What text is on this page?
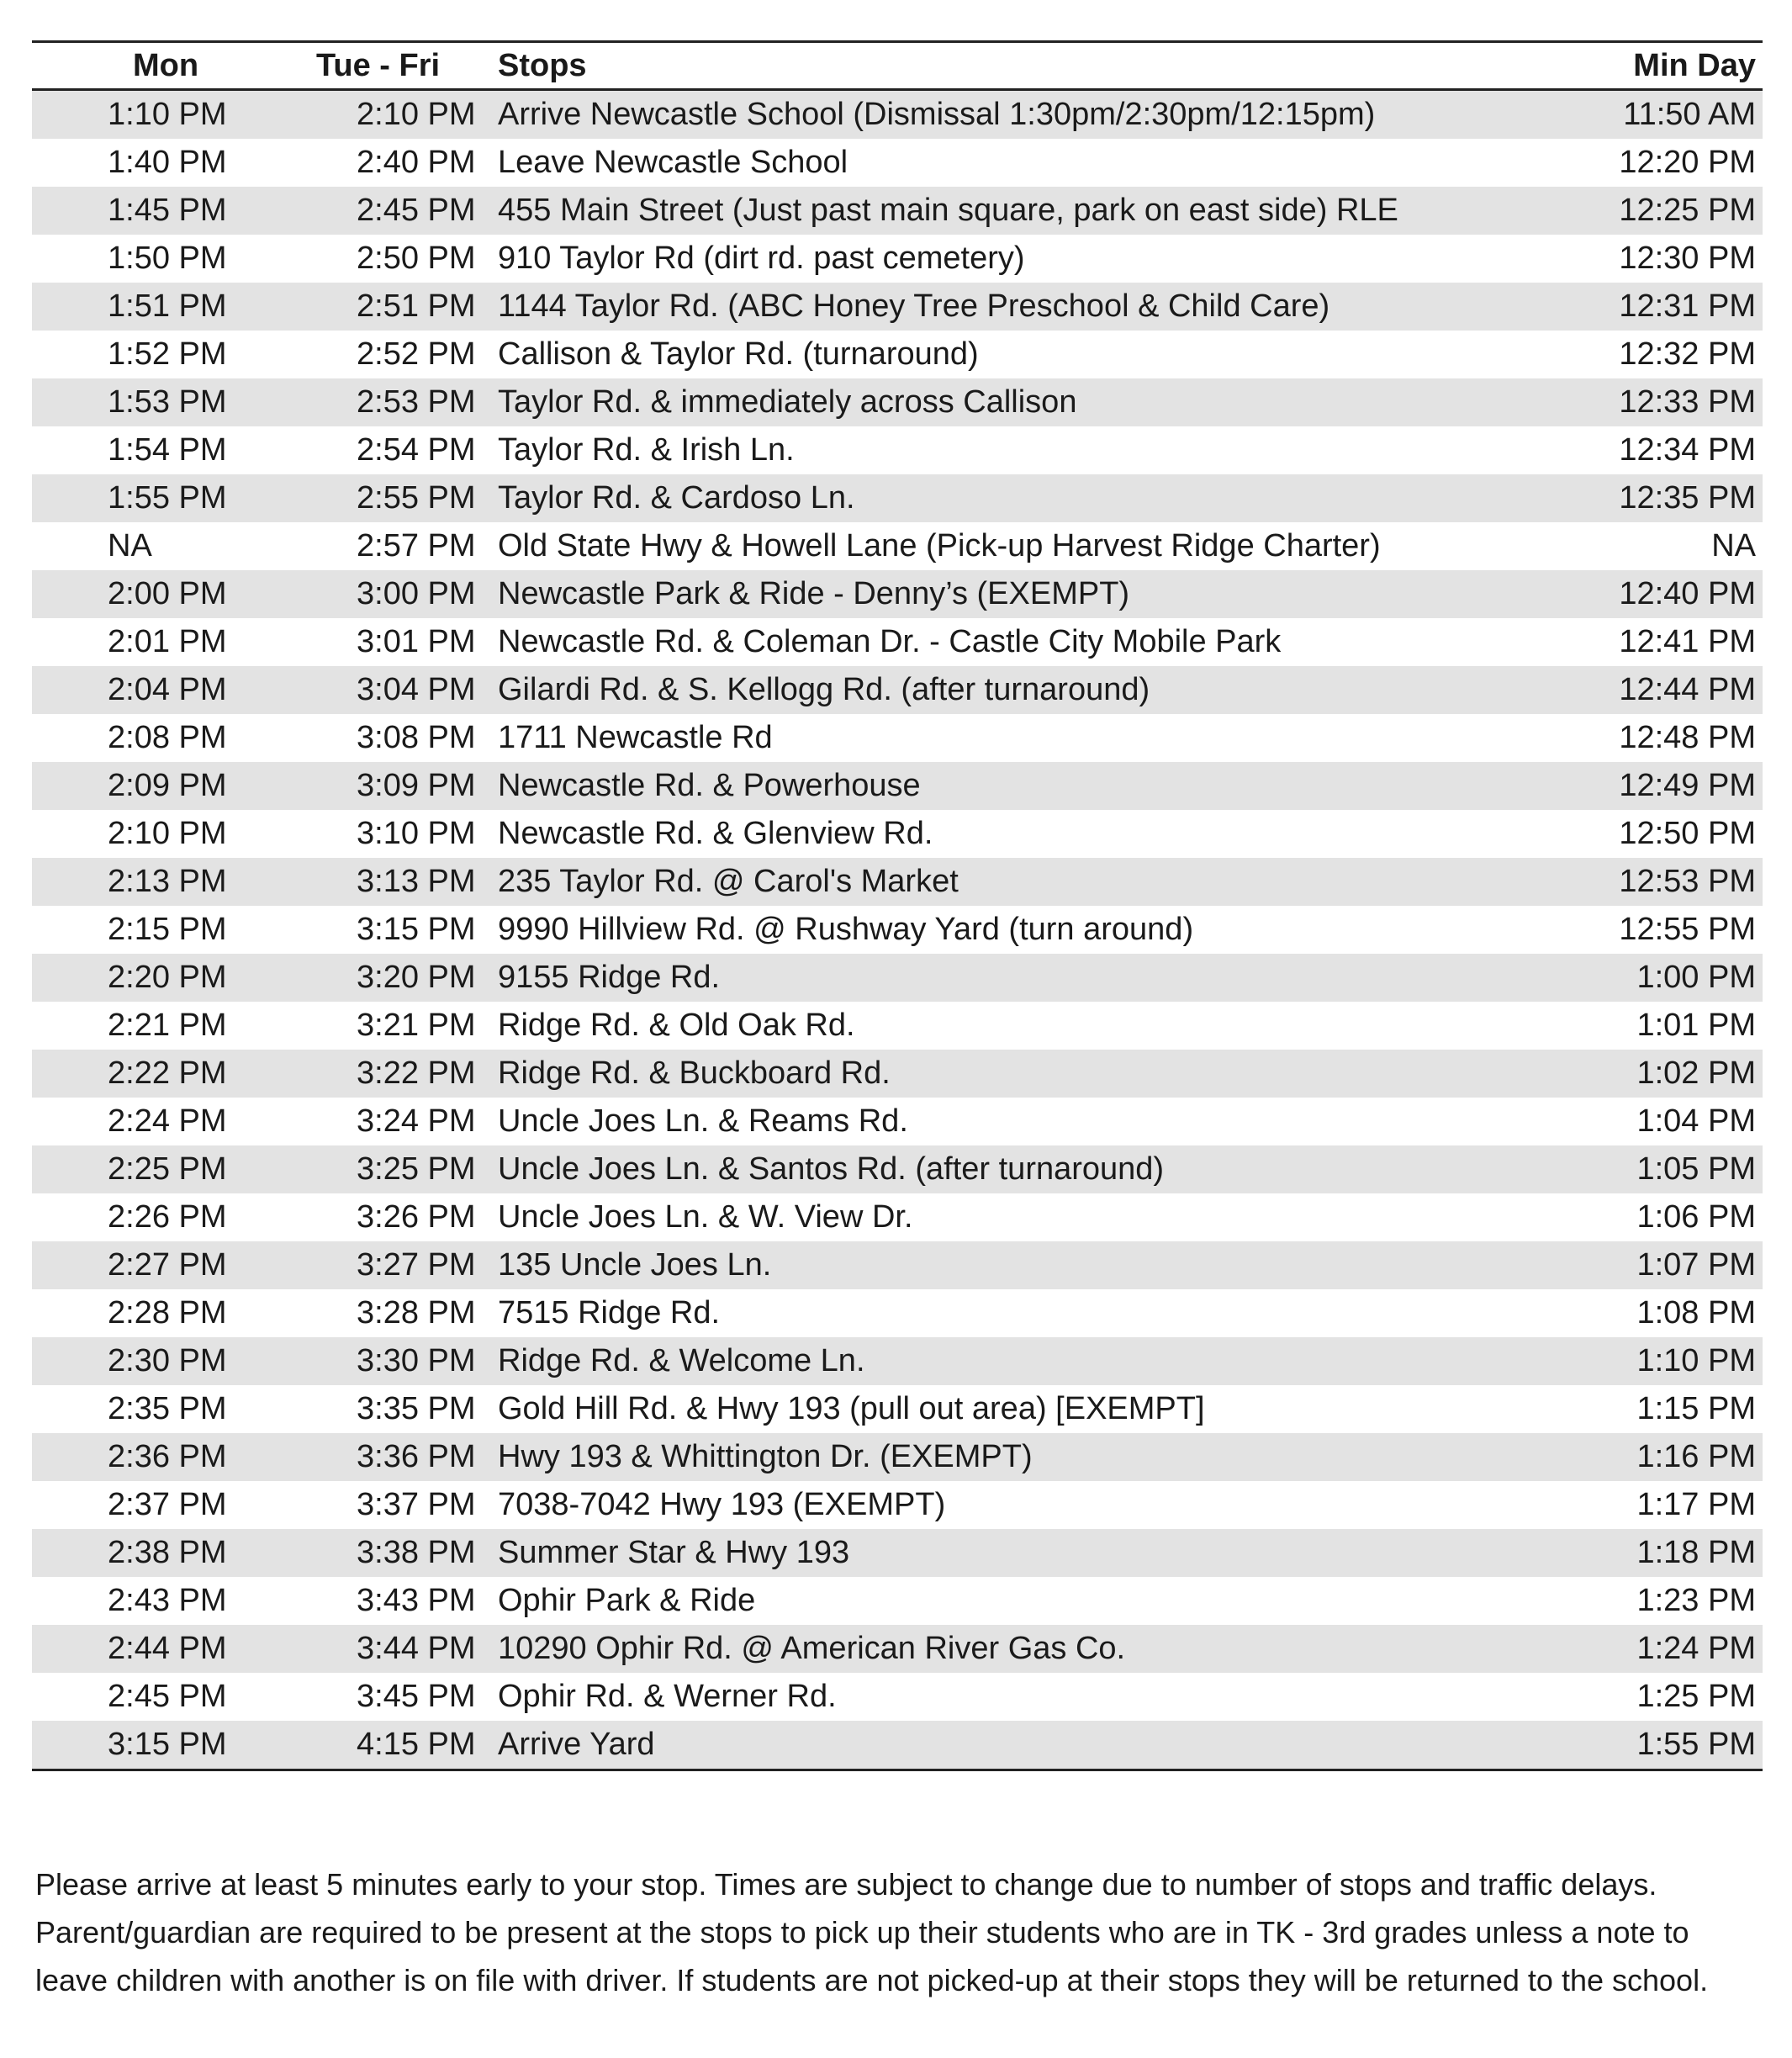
Mon	Tue - Fri	Stops	Min Day
1:10 PM	2:10 PM	Arrive Newcastle School (Dismissal 1:30pm/2:30pm/12:15pm)	11:50 AM
1:40 PM	2:40 PM	Leave Newcastle School	12:20 PM
1:45 PM	2:45 PM	455 Main Street (Just past main square, park on east side) RLE	12:25 PM
1:50 PM	2:50 PM	910 Taylor Rd (dirt rd. past cemetery)	12:30 PM
1:51 PM	2:51 PM	1144 Taylor Rd. (ABC Honey Tree Preschool & Child Care)	12:31 PM
1:52 PM	2:52 PM	Callison & Taylor Rd. (turnaround)	12:32 PM
1:53 PM	2:53 PM	Taylor Rd. & immediately across Callison	12:33 PM
1:54 PM	2:54 PM	Taylor Rd. & Irish Ln.	12:34 PM
1:55 PM	2:55 PM	Taylor Rd. & Cardoso Ln.	12:35 PM
NA	2:57 PM	Old State Hwy & Howell Lane (Pick-up Harvest Ridge Charter)	NA
2:00 PM	3:00 PM	Newcastle Park & Ride - Denny’s (EXEMPT)	12:40 PM
2:01 PM	3:01 PM	Newcastle Rd. & Coleman Dr. - Castle City Mobile Park	12:41 PM
2:04 PM	3:04 PM	Gilardi Rd. & S. Kellogg Rd. (after turnaround)	12:44 PM
2:08 PM	3:08 PM	1711 Newcastle Rd	12:48 PM
2:09 PM	3:09 PM	Newcastle Rd. & Powerhouse	12:49 PM
2:10 PM	3:10 PM	Newcastle Rd. & Glenview Rd.	12:50 PM
2:13 PM	3:13 PM	235 Taylor Rd. @ Carol's Market	12:53 PM
2:15 PM	3:15 PM	9990 Hillview Rd. @ Rushway Yard (turn around)	12:55 PM
2:20 PM	3:20 PM	9155 Ridge Rd.	1:00 PM
2:21 PM	3:21 PM	Ridge Rd. & Old Oak Rd.	1:01 PM
2:22 PM	3:22 PM	Ridge Rd. & Buckboard Rd.	1:02 PM
2:24 PM	3:24 PM	Uncle Joes Ln. & Reams Rd.	1:04 PM
2:25 PM	3:25 PM	Uncle Joes Ln. & Santos Rd. (after turnaround)	1:05 PM
2:26 PM	3:26 PM	Uncle Joes Ln. & W. View Dr.	1:06 PM
2:27 PM	3:27 PM	135 Uncle Joes Ln.	1:07 PM
2:28 PM	3:28 PM	7515 Ridge Rd.	1:08 PM
2:30 PM	3:30 PM	Ridge Rd. & Welcome Ln.	1:10 PM
2:35 PM	3:35 PM	Gold Hill Rd. & Hwy 193 (pull out area) [EXEMPT]	1:15 PM
2:36 PM	3:36 PM	Hwy 193 & Whittington Dr. (EXEMPT)	1:16 PM
2:37 PM	3:37 PM	7038-7042 Hwy 193 (EXEMPT)	1:17 PM
2:38 PM	3:38 PM	Summer Star & Hwy 193	1:18 PM
2:43 PM	3:43 PM	Ophir Park & Ride	1:23 PM
2:44 PM	3:44 PM	10290 Ophir Rd. @ American River Gas Co.	1:24 PM
2:45 PM	3:45 PM	Ophir Rd. & Werner Rd.	1:25 PM
3:15 PM	4:15 PM	Arrive Yard	1:55 PM

Please arrive at least 5 minutes early to your stop. Times are subject to change due to number of stops and traffic delays. Parent/guardian are required to be present at the stops to pick up their students who are in TK - 3rd grades unless a note to leave children with another is on file with driver. If students are not picked-up at their stops they will be returned to the school.
